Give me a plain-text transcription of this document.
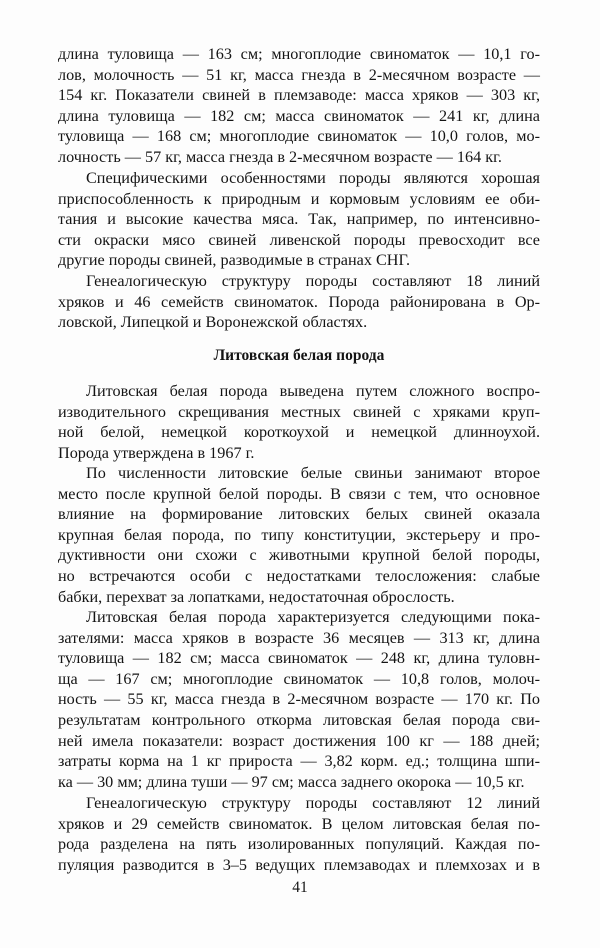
длина туловища — 163 см; многоплодие свиноматок — 10,1 го-
лов, молочность — 51 кг, масса гнезда в 2-месячном возрасте —
154 кг. Показатели свиней в племзаводе: масса хряков — 303 кг,
длина туловища — 182 см; масса свиноматок — 241 кг, длина
туловища — 168 см; многоплодие свиноматок — 10,0 голов, мо-
лочность — 57 кг, масса гнезда в 2-месячном возрасте — 164 кг.
Специфическими особенностями породы являются хорошая
приспособленность к природным и кормовым условиям ее оби-
тания и высокие качества мяса. Так, например, по интенсивно-
сти окраски мясо свиней ливенской породы превосходит все
другие породы свиней, разводимые в странах СНГ.
Генеалогическую структуру породы составляют 18 линий
хряков и 46 семейств свиноматок. Порода районирована в Ор-
ловской, Липецкой и Воронежской областях.
Литовская белая порода
Литовская белая порода выведена путем сложного воспро-
изводительного скрещивания местных свиней с хряками круп-
ной белой, немецкой короткоухой и немецкой длинноухой.
Порода утверждена в 1967 г.
По численности литовские белые свиньи занимают второе
место после крупной белой породы. В связи с тем, что основное
влияние на формирование литовских белых свиней оказала
крупная белая порода, по типу конституции, экстерьеру и про-
дуктивности они схожи с животными крупной белой породы,
но встречаются особи с недостатками телосложения: слабые
бабки, перехват за лопатками, недостаточная оброслость.
Литовская белая порода характеризуется следующими пока-
зателями: масса хряков в возрасте 36 месяцев — 313 кг, длина
туловища — 182 см; масса свиноматок — 248 кг, длина туловн-
ща — 167 см; многоплодие свиноматок — 10,8 голов, молоч-
ность — 55 кг, масса гнезда в 2-месячном возрасте — 170 кг. По
результатам контрольного откорма литовская белая порода сви-
ней имела показатели: возраст достижения 100 кг — 188 дней;
затраты корма на 1 кг прироста — 3,82 корм. ед.; толщина шпи-
ка — 30 мм; длина туши — 97 см; масса заднего окорока — 10,5 кг.
Генеалогическую структуру породы составляют 12 линий
хряков и 29 семейств свиноматок. В целом литовская белая по-
рода разделена на пять изолированных популяций. Каждая по-
пуляция разводится в 3–5 ведущих племзаводах и племхозах и в
41
